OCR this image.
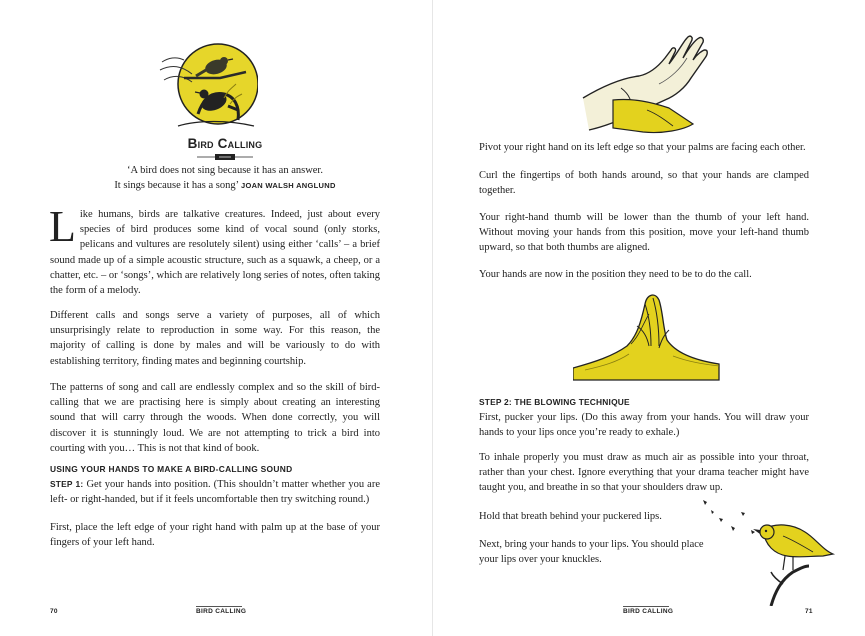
Bird Calling
‘A bird does not sing because it has an answer.
It sings because it has a song’ JOAN WALSH ANGLUND
L ike humans, birds are talkative creatures. Indeed, just about every species of bird produces some kind of vocal sound (only storks, pelicans and vultures are resolutely silent) using either ‘calls’ – a brief sound made up of a simple acoustic structure, such as a squawk, a cheep, or a chatter, etc. – or ‘songs’, which are relatively long series of notes, often taking the form of a melody.

Different calls and songs serve a variety of purposes, all of which unsurprisingly relate to reproduction in some way. For this reason, the majority of calling is done by males and will be variously to do with establishing territory, finding mates and beginning courtship.

The patterns of song and call are endlessly complex and so the skill of bird-calling that we are practising here is simply about creating an interesting sound that will carry through the woods. When done correctly, you will discover it is stunningly loud. We are not attempting to trick a bird into courting with you… This is not that kind of book.

USING YOUR HANDS TO MAKE A BIRD-CALLING SOUND

STEP 1: Get your hands into position. (This shouldn’t matter whether you are left- or right-handed, but if it feels uncomfortable then try switching round.)

First, place the left edge of your right hand with palm up at the base of your fingers of your left hand.

70	BIRD CALLING

Pivot your right hand on its left edge so that your palms are facing each other.

Curl the fingertips of both hands around, so that your hands are clamped together.

Your right-hand thumb will be lower than the thumb of your left hand. Without moving your hands from this position, move your left-hand thumb upward, so that both thumbs are aligned.

Your hands are now in the position they need to be to do the call.

STEP 2: THE BLOWING TECHNIQUE

First, pucker your lips. (Do this away from your hands. You will draw your hands to your lips once you’re ready to exhale.)

To inhale properly you must draw as much air as possible into your throat, rather than your chest. Ignore everything that your drama teacher might have taught you, and breathe in so that your shoulders draw up.

Hold that breath behind your puckered lips.

Next, bring your hands to your lips. You should place
your lips over your knuckles.
BIRD CALLING	71
